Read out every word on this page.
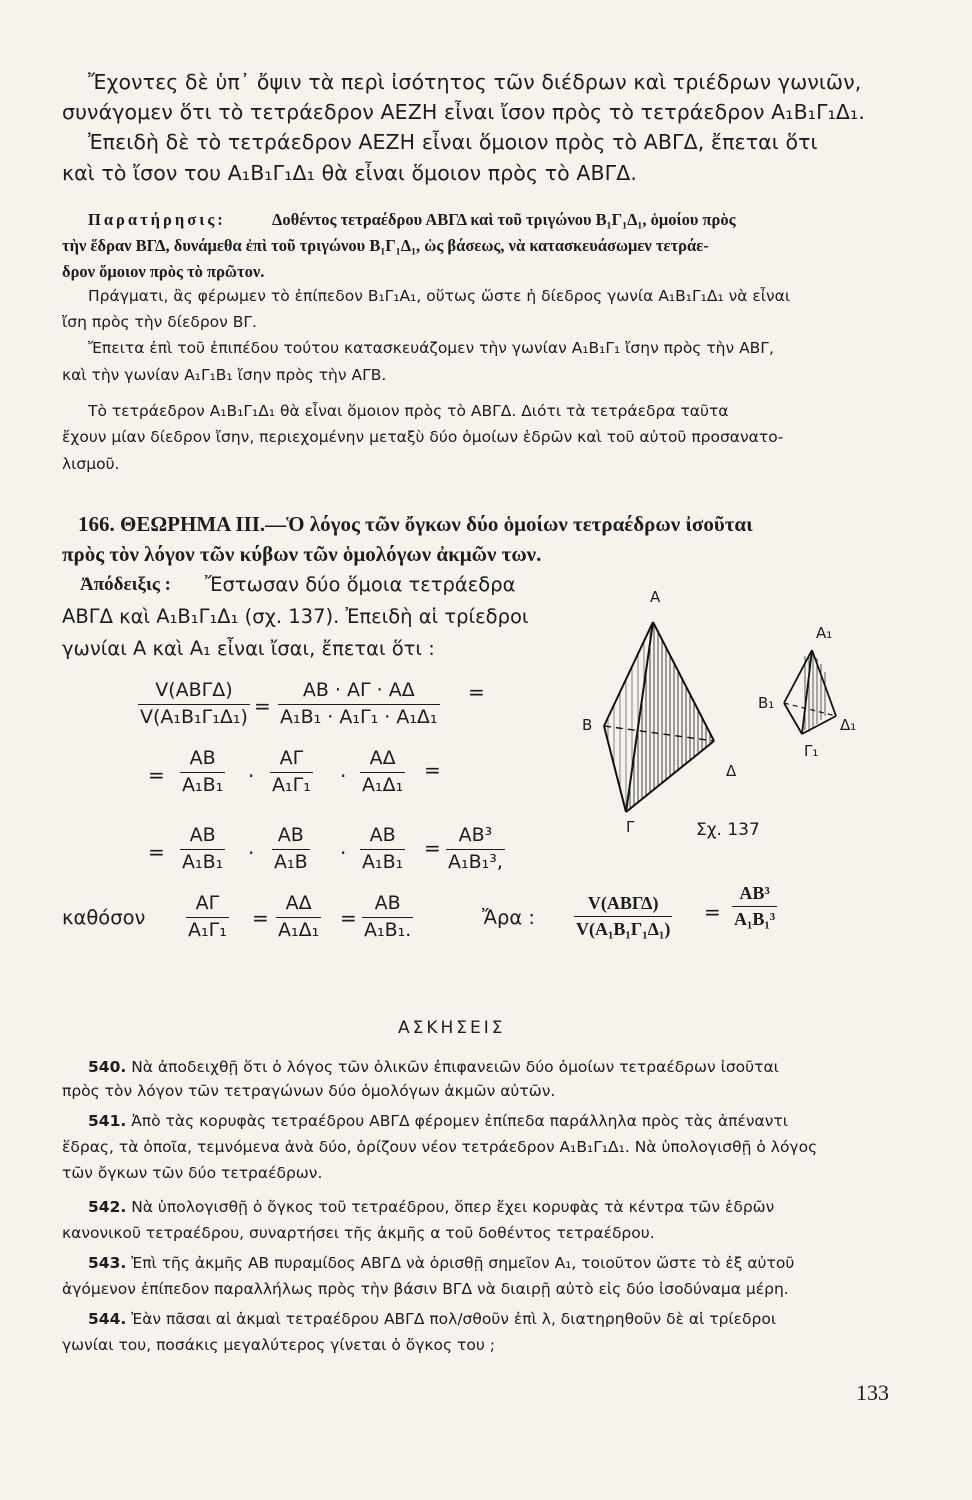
Ἔχοντες δὲ ὑπ᾽ ὄψιν τὰ περὶ ἰσότητος τῶν διέδρων καὶ τριέδρων γωνιῶν,
συνάγομεν ὅτι τὸ τετράεδρον ΑΕΖΗ εἶναι ἴσον πρὸς τὸ τετράεδρον Α₁Β₁Γ₁Δ₁.
Ἐπειδὴ δὲ τὸ τετράεδρον ΑΕΖΗ εἶναι ὅμοιον πρὸς τὸ ΑΒΓΔ, ἔπεται ὅτι
καὶ τὸ ἴσον του Α₁Β₁Γ₁Δ₁ θὰ εἶναι ὅμοιον πρὸς τὸ ΑΒΓΔ.
Παρατήρησις:	Δοθέντος τετραέδρου ΑΒΓΔ καὶ τοῦ τριγώνου Β₁Γ₁Δ₁, ὁμοίου πρὸς
τὴν ἕδραν ΒΓΔ, δυνάμεθα ἐπὶ τοῦ τριγώνου Β₁Γ₁Δ₁, ὡς βάσεως, νὰ κατασκευάσωμεν τετράε-
δρον ὅμοιον πρὸς τὸ πρῶτον.
Πράγματι, ἂς φέρωμεν τὸ ἐπίπεδον Β₁Γ₁Α₁, οὕτως ὥστε ἡ δίεδρος γωνία Α₁Β₁Γ₁Δ₁ νὰ εἶναι
ἴση πρὸς τὴν δίεδρον ΒΓ.
Ἔπειτα ἐπὶ τοῦ ἐπιπέδου τούτου κατασκευάζομεν τὴν γωνίαν Α₁Β₁Γ₁ ἴσην πρὸς τὴν ΑΒΓ,
καὶ τὴν γωνίαν Α₁Γ₁Β₁ ἴσην πρὸς τὴν ΑΓΒ.
Τὸ τετράεδρον Α₁Β₁Γ₁Δ₁ θὰ εἶναι ὅμοιον πρὸς τὸ ΑΒΓΔ. Διότι τὰ τετράεδρα ταῦτα
ἔχουν μίαν δίεδρον ἴσην, περιεχομένην μεταξὺ δύο ὁμοίων ἑδρῶν καὶ τοῦ αὐτοῦ προσανατο-
λισμοῦ.
166. ΘΕΩΡΗΜΑ ΙΙΙ.—Ὁ λόγος τῶν ὄγκων δύο ὁμοίων τετραέδρων ἰσοῦται
πρὸς τὸν λόγον τῶν κύβων τῶν ὁμολόγων ἀκμῶν των.
Ἀπόδειξις : Ἔστωσαν δύο ὅμοια τετράεδρα
ΑΒΓΔ καὶ Α₁Β₁Γ₁Δ₁ (σχ. 137). Ἐπειδὴ αἱ τρίεδροι
γωνίαι Α καὶ Α₁ εἶναι ἴσαι, ἔπεται ὅτι :
V(ΑΒΓΔ)
V(Α₁Β₁Γ₁Δ₁) =
ΑΒ · ΑΓ · ΑΔ
Α₁Β₁ · Α₁Γ₁ · Α₁Δ₁
=
=
ΑΒ
Α₁Β₁ ·
ΑΓ
Α₁Γ₁ ·
ΑΔ
Α₁Δ₁
=
=
ΑΒ
Α₁Β₁ ·
ΑΒ
Α₁Β ·
ΑΒ
Α₁Β₁
=
ΑΒ³
Α₁Β₁³,
καθόσον
ΑΓ
Α₁Γ₁ =
ΑΔ
Α₁Δ₁ =
ΑΒ
Α₁Β₁.
Ἄρα :
V(ΑΒΓΔ)
V(Α₁Β₁Γ₁Δ₁)
=
ΑΒ³
Α₁Β₁³
Α
Β
Γ
Δ
Α₁
Β₁
Γ₁
Δ₁
Σχ. 137
ΑΣΚΗΣΕΙΣ
540. Νὰ ἀποδειχθῇ ὅτι ὁ λόγος τῶν ὁλικῶν ἐπιφανειῶν δύο ὁμοίων τετραέδρων ἰσοῦται
πρὸς τὸν λόγον τῶν τετραγώνων δύο ὁμολόγων ἀκμῶν αὐτῶν.
541. Ἀπὸ τὰς κορυφὰς τετραέδρου ΑΒΓΔ φέρομεν ἐπίπεδα παράλληλα πρὸς τὰς ἀπέναντι
ἕδρας, τὰ ὁποῖα, τεμνόμενα ἀνὰ δύο, ὁρίζουν νέον τετράεδρον Α₁Β₁Γ₁Δ₁. Νὰ ὑπολογισθῇ ὁ λόγος
τῶν ὄγκων τῶν δύο τετραέδρων.
542. Νὰ ὑπολογισθῇ ὁ ὄγκος τοῦ τετραέδρου, ὅπερ ἔχει κορυφὰς τὰ κέντρα τῶν ἑδρῶν
κανονικοῦ τετραέδρου, συναρτήσει τῆς ἀκμῆς α τοῦ δοθέντος τετραέδρου.
543. Ἐπὶ τῆς ἀκμῆς ΑΒ πυραμίδος ΑΒΓΔ νὰ ὁρισθῇ σημεῖον Α₁, τοιοῦτον ὥστε τὸ ἐξ αὐτοῦ
ἀγόμενον ἐπίπεδον παραλλήλως πρὸς τὴν βάσιν ΒΓΔ νὰ διαιρῇ αὐτὸ εἰς δύο ἰσοδύναμα μέρη.
544. Ἐὰν πᾶσαι αἱ ἀκμαὶ τετραέδρου ΑΒΓΔ πολ/σθοῦν ἐπὶ λ, διατηρηθοῦν δὲ αἱ τρίεδροι
γωνίαι του, ποσάκις μεγαλύτερος γίνεται ὁ ὄγκος του ;
133
